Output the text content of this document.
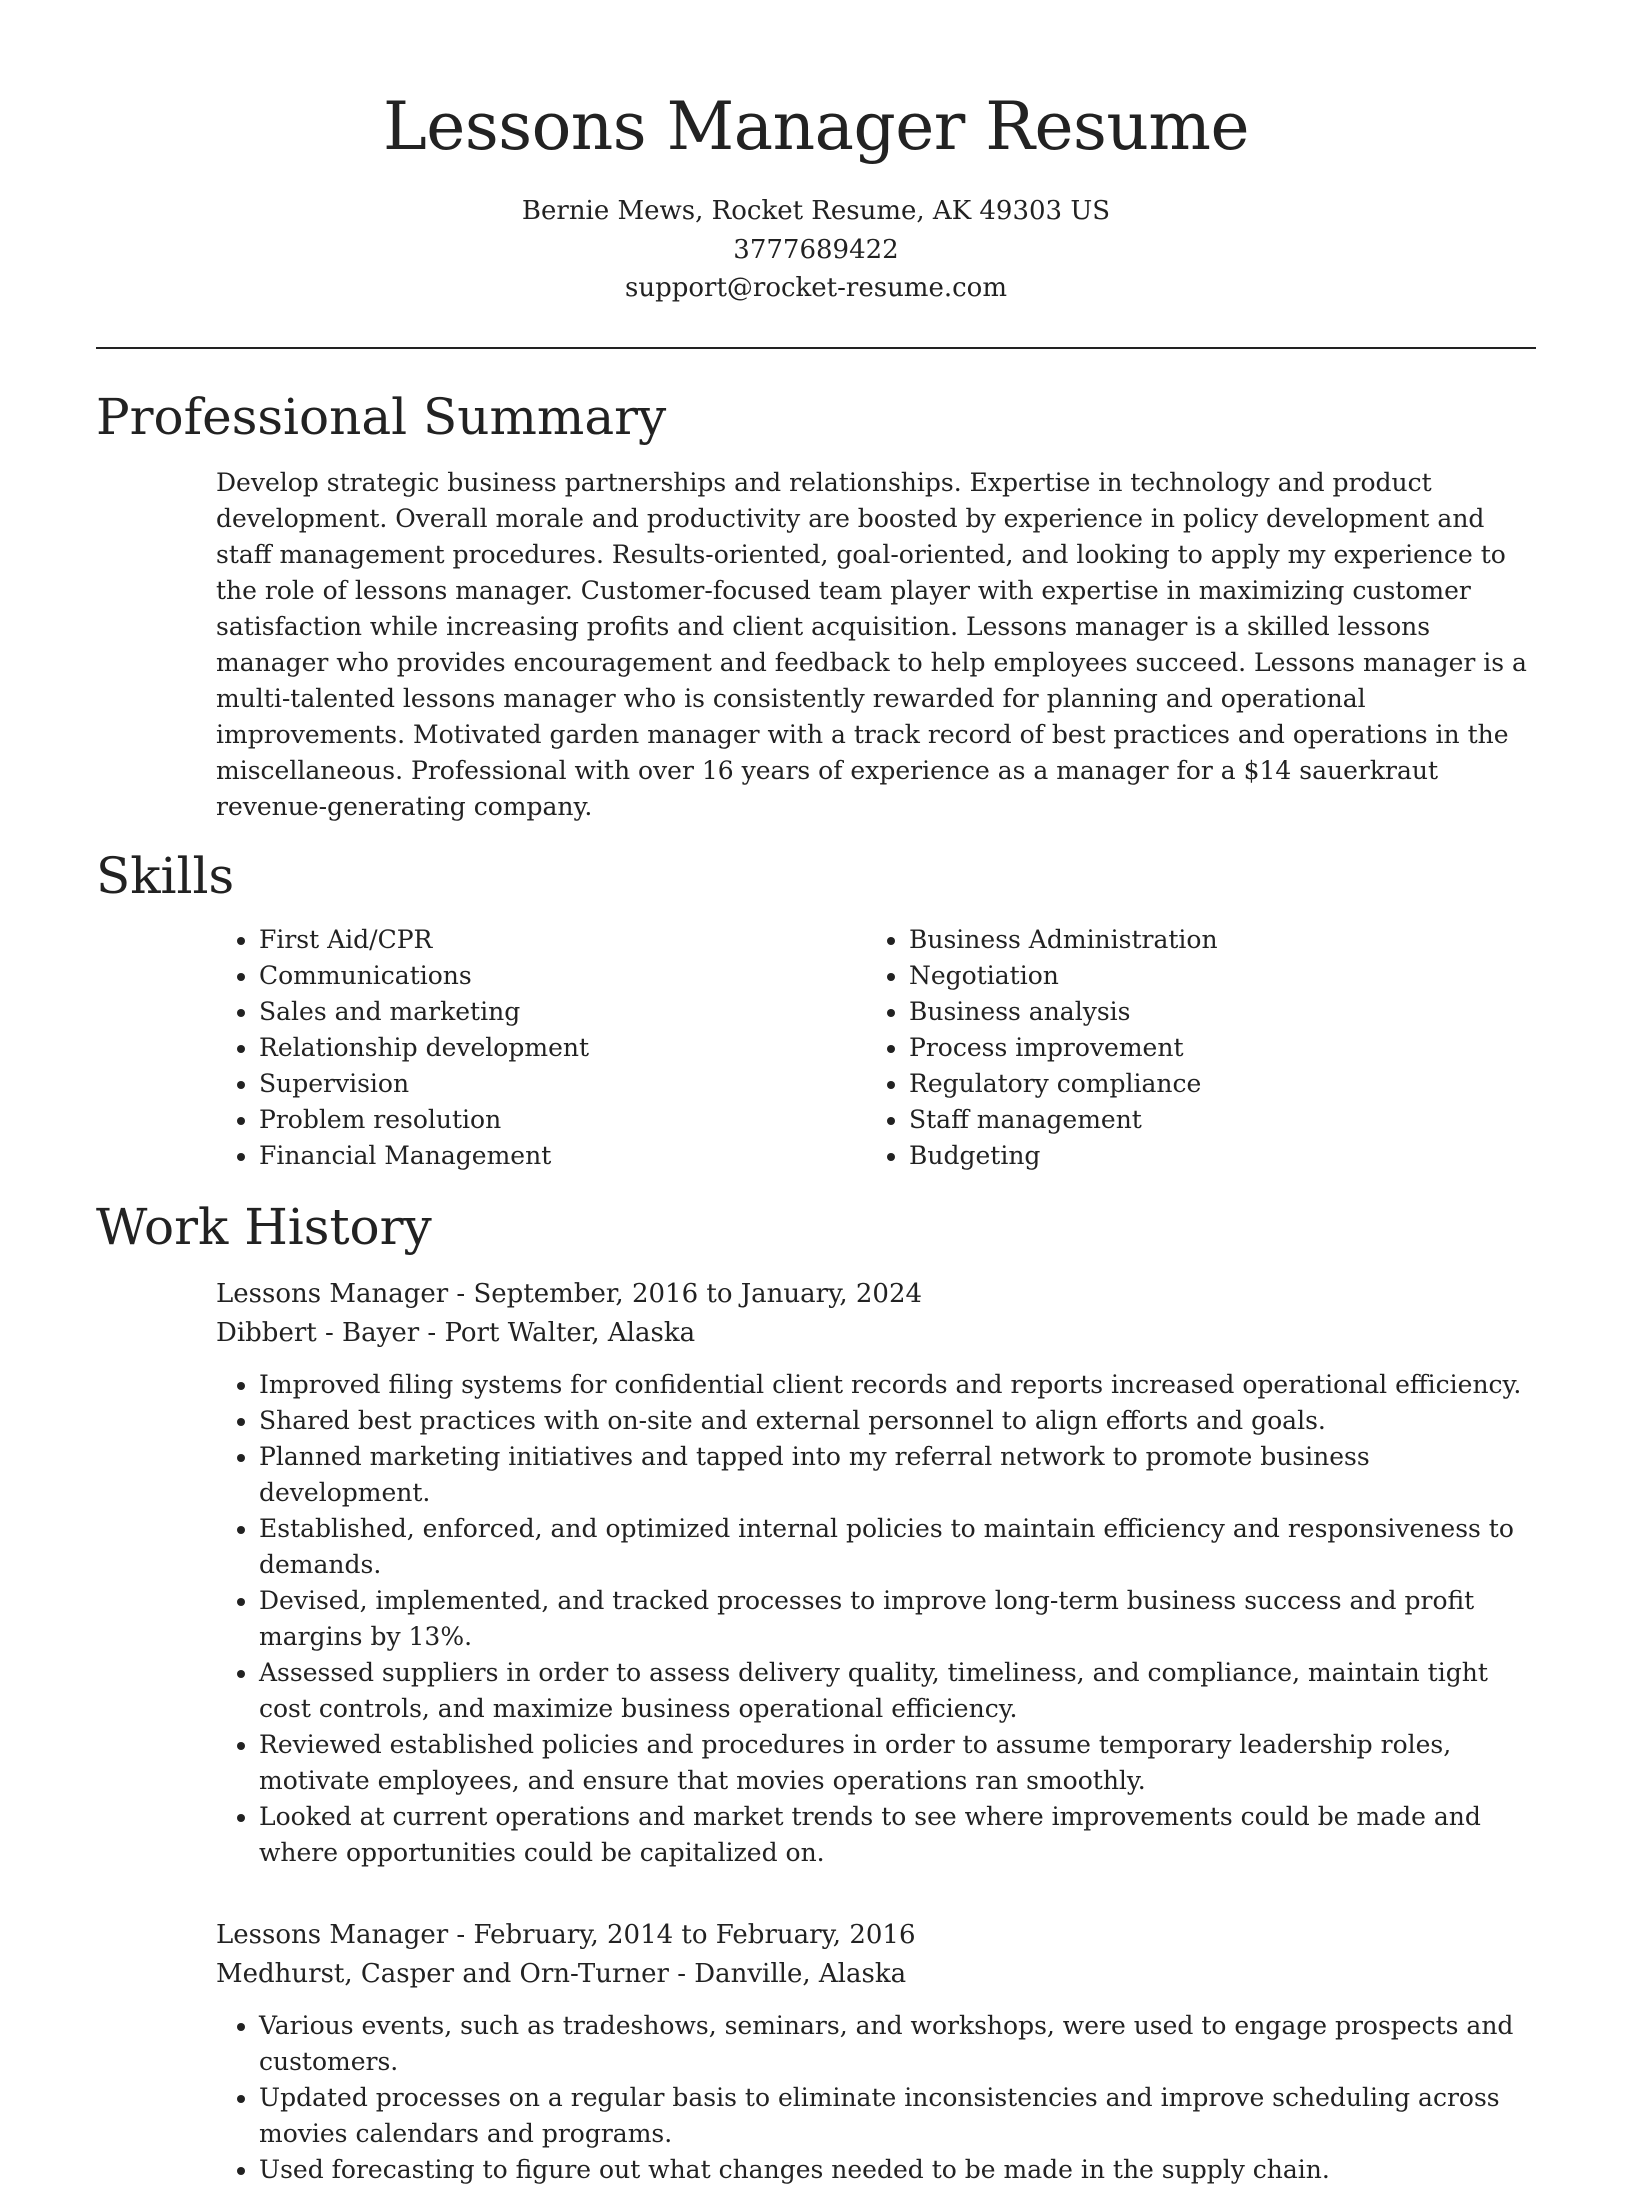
Lessons Manager Resume
Bernie Mews, Rocket Resume, AK 49303 US
3777689422
support@rocket-resume.com
Professional Summary

Develop strategic business partnerships and relationships. Expertise in technology and product development. Overall morale and productivity are boosted by experience in policy development and staff management procedures. Results-oriented, goal-oriented, and looking to apply my experience to the role of lessons manager. Customer-focused team player with expertise in maximizing customer satisfaction while increasing profits and client acquisition. Lessons manager is a skilled lessons manager who provides encouragement and feedback to help employees succeed. Lessons manager is a multi-talented lessons manager who is consistently rewarded for planning and operational improvements. Motivated garden manager with a track record of best practices and operations in the miscellaneous. Professional with over 16 years of experience as a manager for a $14 sauerkraut revenue-generating company.

Skills
• First Aid/CPR
• Communications
• Sales and marketing
• Relationship development
• Supervision
• Problem resolution
• Financial Management
• Business Administration
• Negotiation
• Business analysis
• Process improvement
• Regulatory compliance
• Staff management
• Budgeting
Work History
Lessons Manager - September, 2016 to January, 2024
Dibbert - Bayer - Port Walter, Alaska
• Improved filing systems for confidential client records and reports increased operational efficiency.
• Shared best practices with on-site and external personnel to align efforts and goals.
• Planned marketing initiatives and tapped into my referral network to promote business development.
• Established, enforced, and optimized internal policies to maintain efficiency and responsiveness to demands.
• Devised, implemented, and tracked processes to improve long-term business success and profit margins by 13%.
• Assessed suppliers in order to assess delivery quality, timeliness, and compliance, maintain tight cost controls, and maximize business operational efficiency.
• Reviewed established policies and procedures in order to assume temporary leadership roles, motivate employees, and ensure that movies operations ran smoothly.
• Looked at current operations and market trends to see where improvements could be made and where opportunities could be capitalized on.
Lessons Manager - February, 2014 to February, 2016
Medhurst, Casper and Orn-Turner - Danville, Alaska
• Various events, such as tradeshows, seminars, and workshops, were used to engage prospects and customers.
• Updated processes on a regular basis to eliminate inconsistencies and improve scheduling across movies calendars and programs.
• Used forecasting to figure out what changes needed to be made in the supply chain.
